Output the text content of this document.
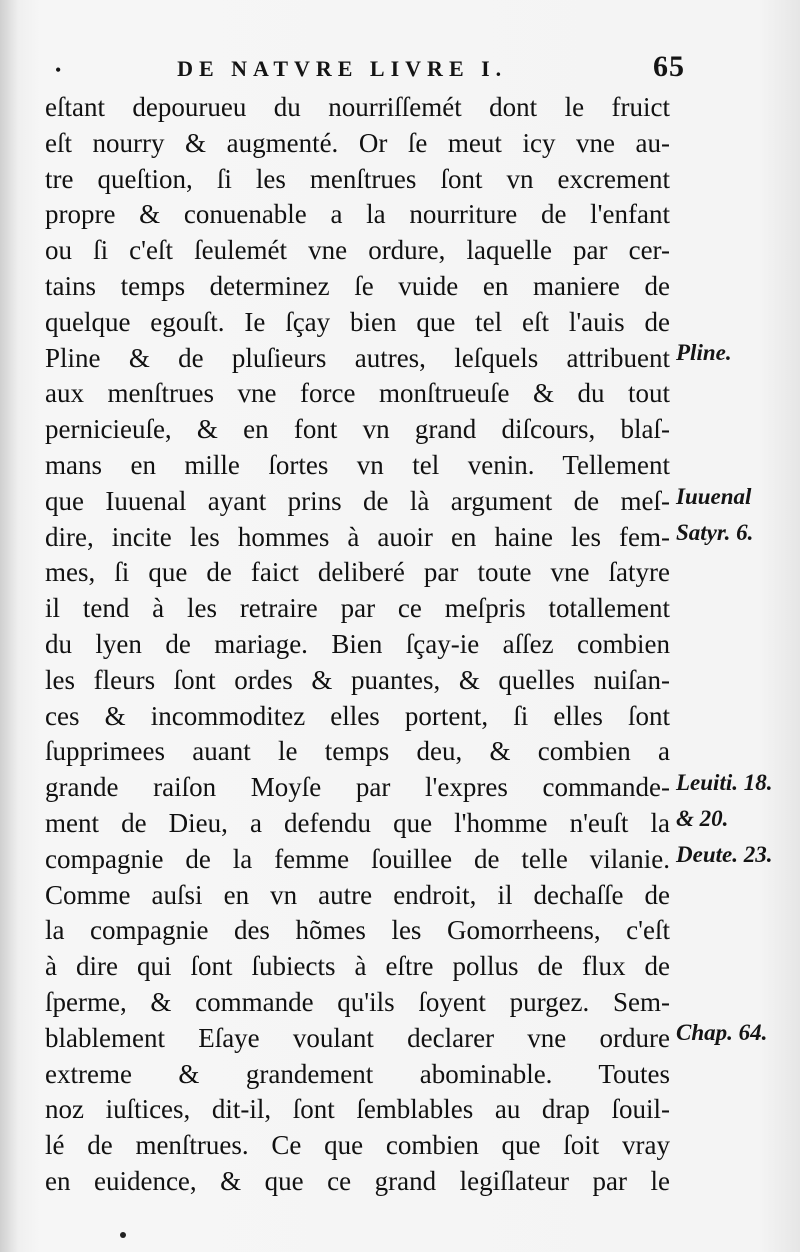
•	DE NATVRE LIVRE I.	65
eſtant depourueu du nourriſſemét dont le fruict
eſt nourry & augmenté. Or ſe meut icy vne au-
tre queſtion, ſi les menſtrues ſont vn excrement
propre & conuenable a la nourriture de l'enfant
ou ſi c'eſt ſeulemét vne ordure, laquelle par cer-
tains temps determinez ſe vuide en maniere de
quelque egouſt. Ie ſçay bien que tel eſt l'auis de
Pline & de pluſieurs autres, leſquels attribuent
aux menſtrues vne force monſtrueuſe & du tout
pernicieuſe, & en font vn grand diſcours, blaſ-
mans en mille ſortes vn tel venin. Tellement
que Iuuenal ayant prins de là argument de meſ-
dire, incite les hommes à auoir en haine les fem-
mes, ſi que de faict deliberé par toute vne ſatyre
il tend à les retraire par ce meſpris totallement
du lyen de mariage. Bien ſçay-ie aſſez combien
les fleurs ſont ordes & puantes, & quelles nuiſan-
ces & incommoditez elles portent, ſi elles ſont
ſupprimees auant le temps deu, & combien a
grande raiſon Moyſe par l'expres commande-
ment de Dieu, a defendu que l'homme n'euſt la
compagnie de la femme ſouillee de telle vilanie.
Comme auſsi en vn autre endroit, il dechaſſe de
la compagnie des hõmes les Gomorrheens, c'eſt
à dire qui ſont ſubiects à eſtre pollus de flux de
ſperme, & commande qu'ils ſoyent purgez. Sem-
blablement Eſaye voulant declarer vne ordure
extreme & grandement abominable. Toutes
noz iuſtices, dit-il, ſont ſemblables au drap ſouil-
lé de menſtrues. Ce que combien que ſoit vray
en euidence, & que ce grand legiſlateur par le
Pline.
Iuuenal
Satyr. 6.
Leuiti. 18.
& 20.
Deute. 23.
Chap. 64.
